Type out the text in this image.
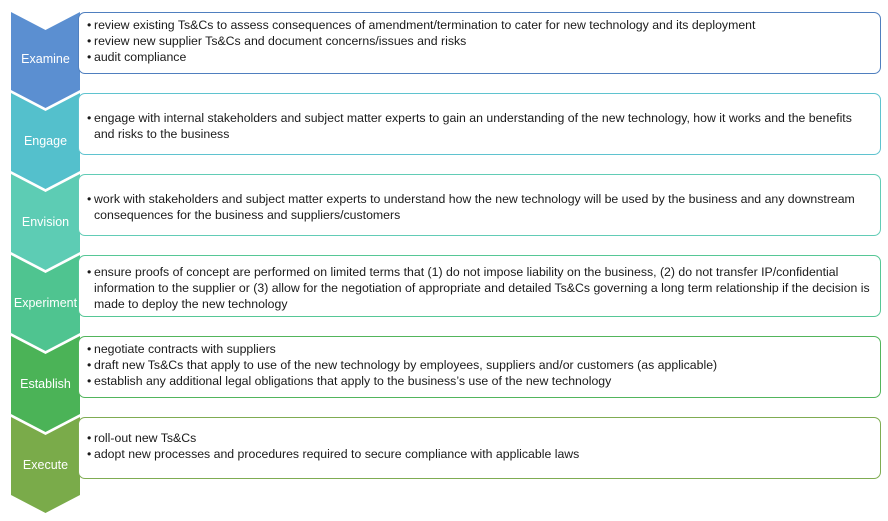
Examine
• review existing Ts&Cs to assess consequences of amendment/termination to cater for new technology and its deployment
• review new supplier Ts&Cs and document concerns/issues and risks
• audit compliance
Engage
• engage with internal stakeholders and subject matter experts to gain an understanding of the new technology, how it works and the benefits and risks to the business
Envision
• work with stakeholders and subject matter experts to understand how the new technology will be used by the business and any downstream consequences for the business and suppliers/customers
Experiment
• ensure proofs of concept are performed on limited terms that (1) do not impose liability on the business, (2) do not transfer IP/confidential information to the supplier or (3) allow for the negotiation of appropriate and detailed Ts&Cs governing a long term relationship if the decision is made to deploy the new technology
Establish
• negotiate contracts with suppliers
• draft new Ts&Cs that apply to use of the new technology by employees, suppliers and/or customers (as applicable)
• establish any additional legal obligations that apply to the business’s use of the new technology
Execute
• roll-out new Ts&Cs
• adopt new processes and procedures required to secure compliance with applicable laws
